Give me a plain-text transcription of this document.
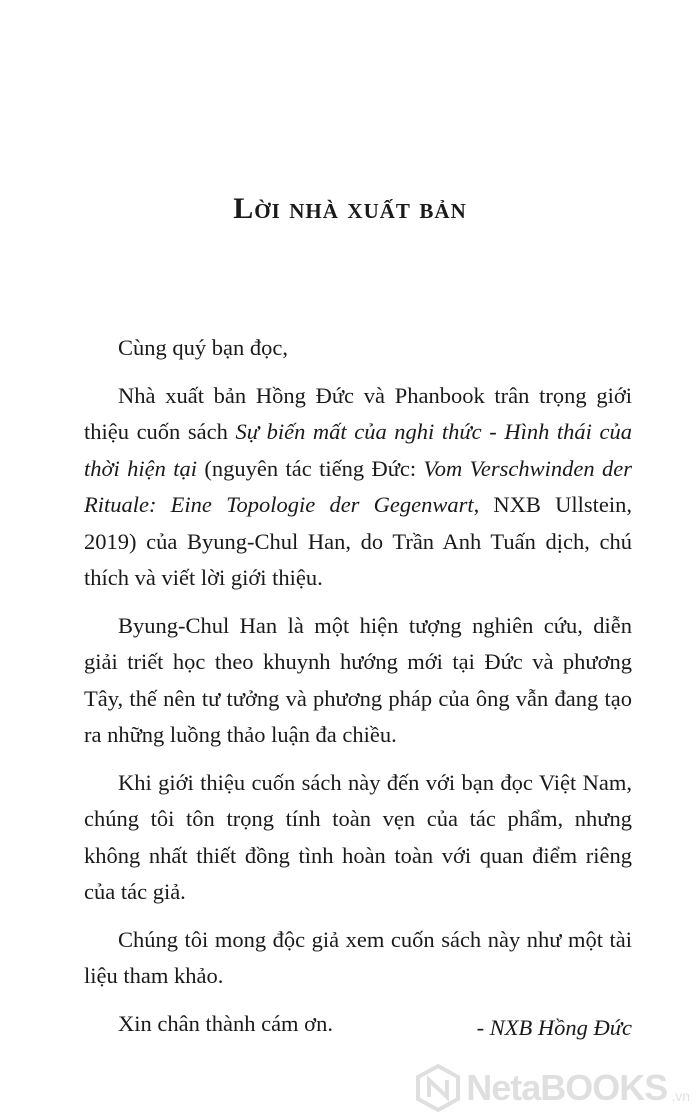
Lời nhà xuất bản

Cùng quý bạn đọc,

Nhà xuất bản Hồng Đức và Phanbook trân trọng giới thiệu cuốn sách Sự biến mất của nghi thức - Hình thái của thời hiện tại (nguyên tác tiếng Đức: Vom Verschwinden der Rituale: Eine Topologie der Gegenwart, NXB Ullstein, 2019) của Byung-Chul Han, do Trần Anh Tuấn dịch, chú thích và viết lời giới thiệu.

Byung-Chul Han là một hiện tượng nghiên cứu, diễn giải triết học theo khuynh hướng mới tại Đức và phương Tây, thế nên tư tưởng và phương pháp của ông vẫn đang tạo ra những luồng thảo luận đa chiều.

Khi giới thiệu cuốn sách này đến với bạn đọc Việt Nam, chúng tôi tôn trọng tính toàn vẹn của tác phẩm, nhưng không nhất thiết đồng tình hoàn toàn với quan điểm riêng của tác giả.

Chúng tôi mong độc giả xem cuốn sách này như một tài liệu tham khảo.

Xin chân thành cám ơn.	- NXB Hồng Đức
NetaBOOKS .vn
